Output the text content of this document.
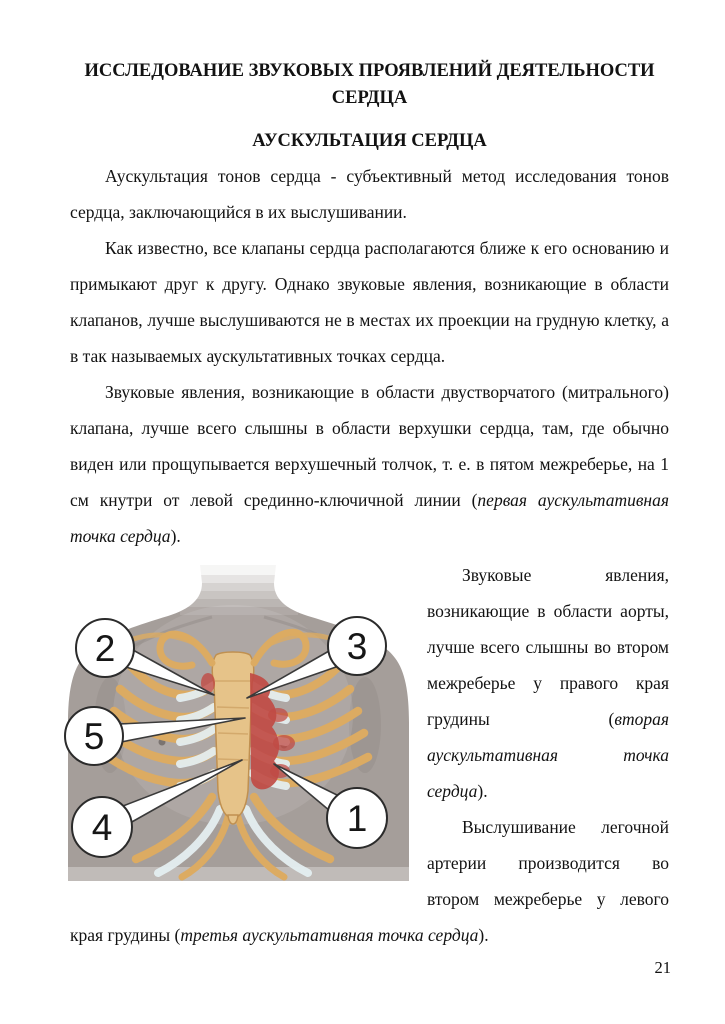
ИССЛЕДОВАНИЕ ЗВУКОВЫХ ПРОЯВЛЕНИЙ ДЕЯТЕЛЬНОСТИ СЕРДЦА
АУСКУЛЬТАЦИЯ СЕРДЦА

Аускультация тонов сердца - субъективный метод исследования тонов сердца, заключающийся в их выслушивании.

Как известно, все клапаны сердца располагаются ближе к его основанию и примыкают друг к другу. Однако звуковые явления, возникающие в области клапанов, лучше выслушиваются не в местах их проекции на грудную клетку, а в так называемых аускультативных точках сердца.

Звуковые явления, возникающие в области двустворчатого (митрального) клапана, лучше всего слышны в области верхушки сердца, там, где обычно виден или прощупывается верхушечный толчок, т. е. в пятом межреберье, на 1 см кнутри от левой срединно-ключичной линии (первая аускультативная точка сердца).

2	3
5
4	1

Звуковые явления, возникающие в области аорты, лучше всего слышны во втором межреберье у правого края грудины (вторая аускультативная точка сердца).

Выслушивание легочной артерии производится во втором межреберье у левого края грудины (третья аускультативная точка сердца).

21
